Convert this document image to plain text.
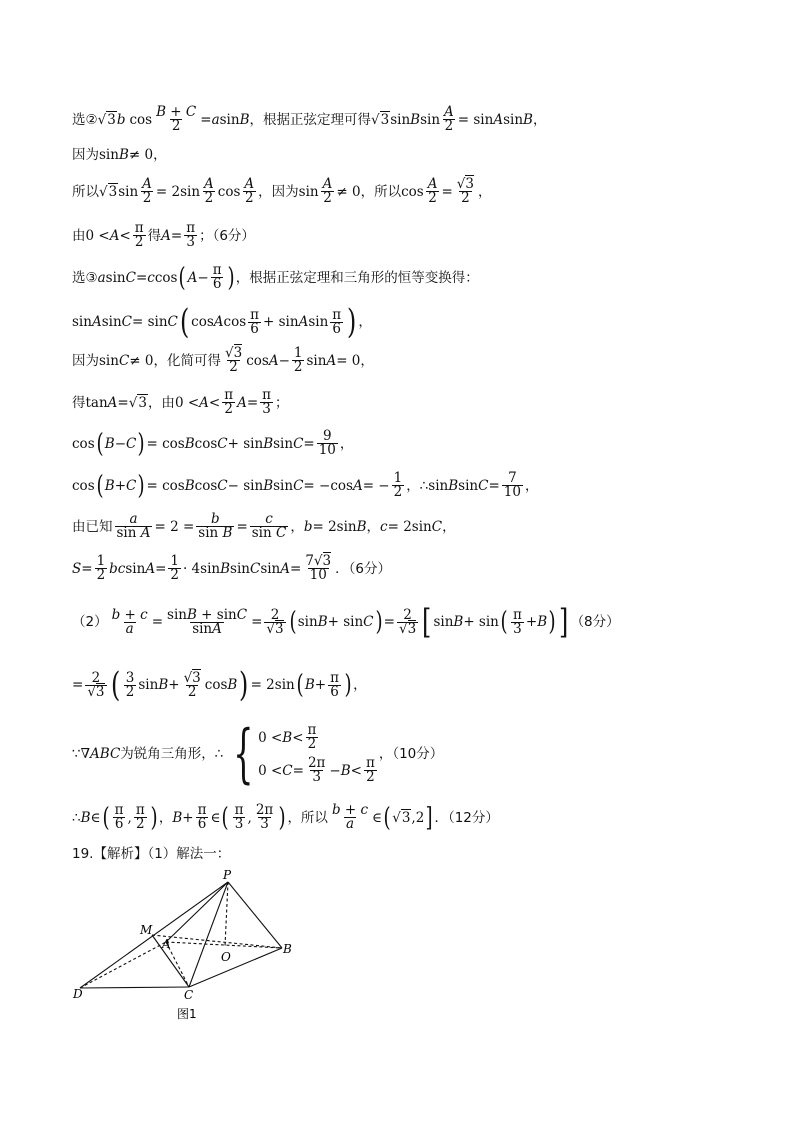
选② √3 b $\cos \frac{B + C}{2} = a$ sin B ，根据正弦定理可得 √3 sin B $\sin \frac{A}{2} = \sin A$ sin B ，
因为 sin B ≠ 0 ，
所以 √3 $\sin \frac{A}{2} = 2\sin \frac{A}{2}$ $\cos \frac{A}{2}$ ，因为 $\sin \frac{A}{2} \ne 0$ ，所以 $\cos \frac{A}{2} = \frac{√3}{2}$ ，
由 $0 < A < \frac{\pi}{2}$ 得 $A = \frac{\pi}{3}$ ；（6分）
选③ a sin C = c cos ( $A - \frac{\pi}{6}$ ) ，根据正弦定理和三角形的恒等变换得：
sin A sin C = sin C ( cos A $\cos \frac{\pi}{6} + \sin A$ $\sin \frac{\pi}{6}$ ) ，
因为 sin C ≠ 0 ，化简可得 $\frac{√3}{2}$ $\cos A - \frac{1}{2}$ sin A = 0 ，
得 tan A = √3 ，由 $0 < A < \frac{\pi}{2}$ $A = \frac{\pi}{3}$ ；
cos ( B − C ) = cos B cos C + sin B $\sin C = \frac{9}{10}$ ，
cos ( B + C ) = cos B cos C − sin B sin C = −cos A = − $\frac{1}{2}$ ，∴ sin B $\sin C = \frac{7}{10}$ ，
由已知 $\frac{a}{\text{sin A}} = 2 = \frac{b}{\text{sin B}} = \frac{c}{\text{sin C}}$ ， b = 2sin B ， c = 2sin C ，
$S = \frac{1}{2}$ bc $\sin A = \frac{1}{2} \cdot 4\sin$ B sin C $\sin A = \frac{7√3}{10}$ ．（6分）
$(2) \frac{b + c}{a} = \frac{\sin B + \sin C}{\sin A} = \frac{2}{√3}$ ( sin B + sin C ) = $\frac{2}{√3}$ [ sin B + sin ( $\frac{\pi}{3} + B$ ) ] （8分）
= $\frac{2}{√3}$ ( $\frac{3}{2}$ $\sin B + \frac{√3}{2}$ cos B ) = 2sin ( $B + \frac{\pi}{6}$ ) ，
∵ ∇ ABC 为锐角三角形，∴ { $0 < B < \frac{\pi}{2}$
$0 < C = \frac{2\pi}{3} - B < \frac{\pi}{2}$
，（10分）
∴ B ∈ ( $\frac{\pi}{6}$ , $\frac{\pi}{2}$ ) ， $B + \frac{\pi}{6}$ ∈ ( $\frac{\pi}{3}$ , $\frac{2\pi}{3}$ ) ，所以 $\frac{b + c}{a}$ ∈ ( √3 ,2 ] ．（12分）
19.【解析】（1）解法一：
P
M
A
O
B
D	C
图1
